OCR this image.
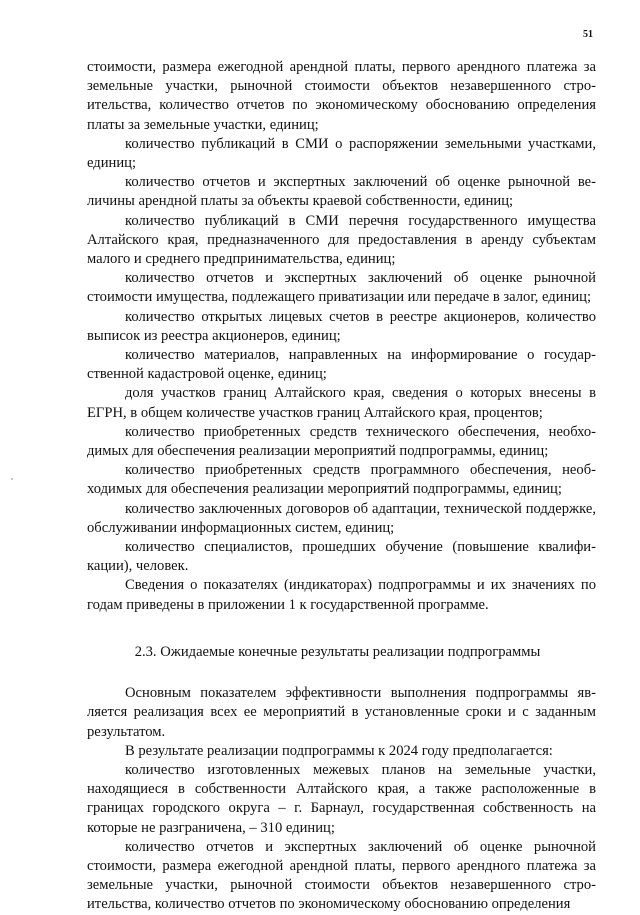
51

стоимости, размера ежегодной арендной платы, первого арендного платежа за земельные участки, рыночной стоимости объектов незавершенного строительства, количество отчетов по экономическому обоснованию определения платы за земельные участки, единиц;

количество публикаций в СМИ о распоряжении земельными участками, единиц;

количество отчетов и экспертных заключений об оценке рыночной величины арендной платы за объекты краевой собственности, единиц;

количество публикаций в СМИ перечня государственного имущества Алтайского края, предназначенного для предоставления в аренду субъектам малого и среднего предпринимательства, единиц;

количество отчетов и экспертных заключений об оценке рыночной стоимости имущества, подлежащего приватизации или передаче в залог, единиц;

количество открытых лицевых счетов в реестре акционеров, количество выписок из реестра акционеров, единиц;

количество материалов, направленных на информирование о государственной кадастровой оценке, единиц;

доля участков границ Алтайского края, сведения о которых внесены в ЕГРН, в общем количестве участков границ Алтайского края, процентов;

количество приобретенных средств технического обеспечения, необходимых для обеспечения реализации мероприятий подпрограммы, единиц;

количество приобретенных средств программного обеспечения, необходимых для обеспечения реализации мероприятий подпрограммы, единиц;

количество заключенных договоров об адаптации, технической поддержке, обслуживании информационных систем, единиц;

количество специалистов, прошедших обучение (повышение квалификации), человек.

Сведения о показателях (индикаторах) подпрограммы и их значениях по годам приведены в приложении 1 к государственной программе.

2.3. Ожидаемые конечные результаты реализации подпрограммы

Основным показателем эффективности выполнения подпрограммы является реализация всех ее мероприятий в установленные сроки и с заданным результатом.

В результате реализации подпрограммы к 2024 году предполагается:

количество изготовленных межевых планов на земельные участки, находящиеся в собственности Алтайского края, а также расположенные в границах городского округа – г. Барнаул, государственная собственность на которые не разграничена, – 310 единиц;

количество отчетов и экспертных заключений об оценке рыночной стоимости, размера ежегодной арендной платы, первого арендного платежа за земельные участки, рыночной стоимости объектов незавершенного строительства, количество отчетов по экономическому обоснованию определения
